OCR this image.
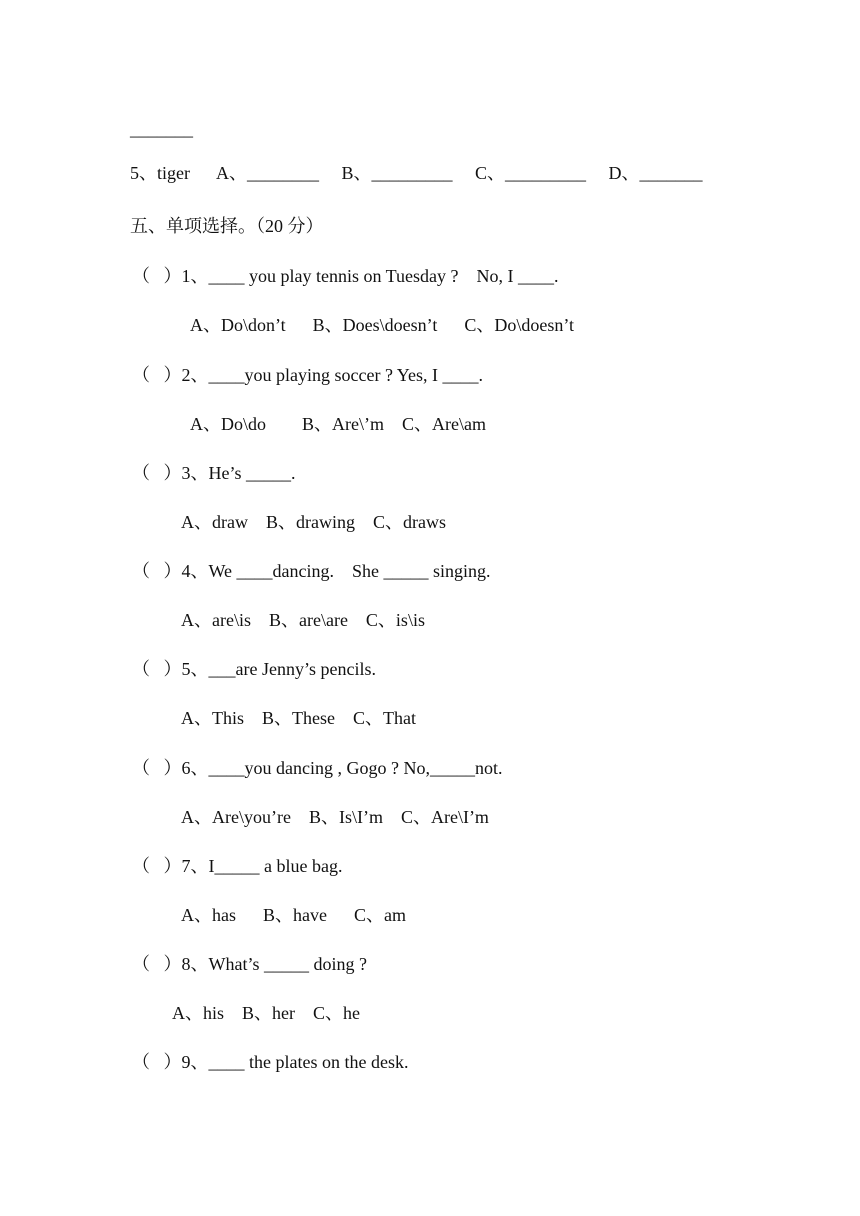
_______
5、tiger      A、________     B、_________     C、_________     D、_______
五、单项选择。（20 分）
（   ）1、____ you play tennis on Tuesday ?    No, I ____.
A、Do\don’t      B、Does\doesn’t      C、Do\doesn’t
（   ）2、____you playing soccer ? Yes, I ____.
A、Do\do        B、Are\’m    C、Are\am
（   ）3、He’s _____.
A、draw    B、drawing    C、draws
（   ）4、We ____dancing.    She _____ singing.
A、are\is    B、are\are    C、is\is
（   ）5、___are Jenny’s pencils.
A、This    B、These    C、That
（   ）6、____you dancing , Gogo ? No,_____not.
A、Are\you’re    B、Is\I’m    C、Are\I’m
（   ）7、I_____ a blue bag.
A、has      B、have      C、am
（   ）8、What’s _____ doing ?
A、his    B、her    C、he
（   ）9、____ the plates on the desk.
